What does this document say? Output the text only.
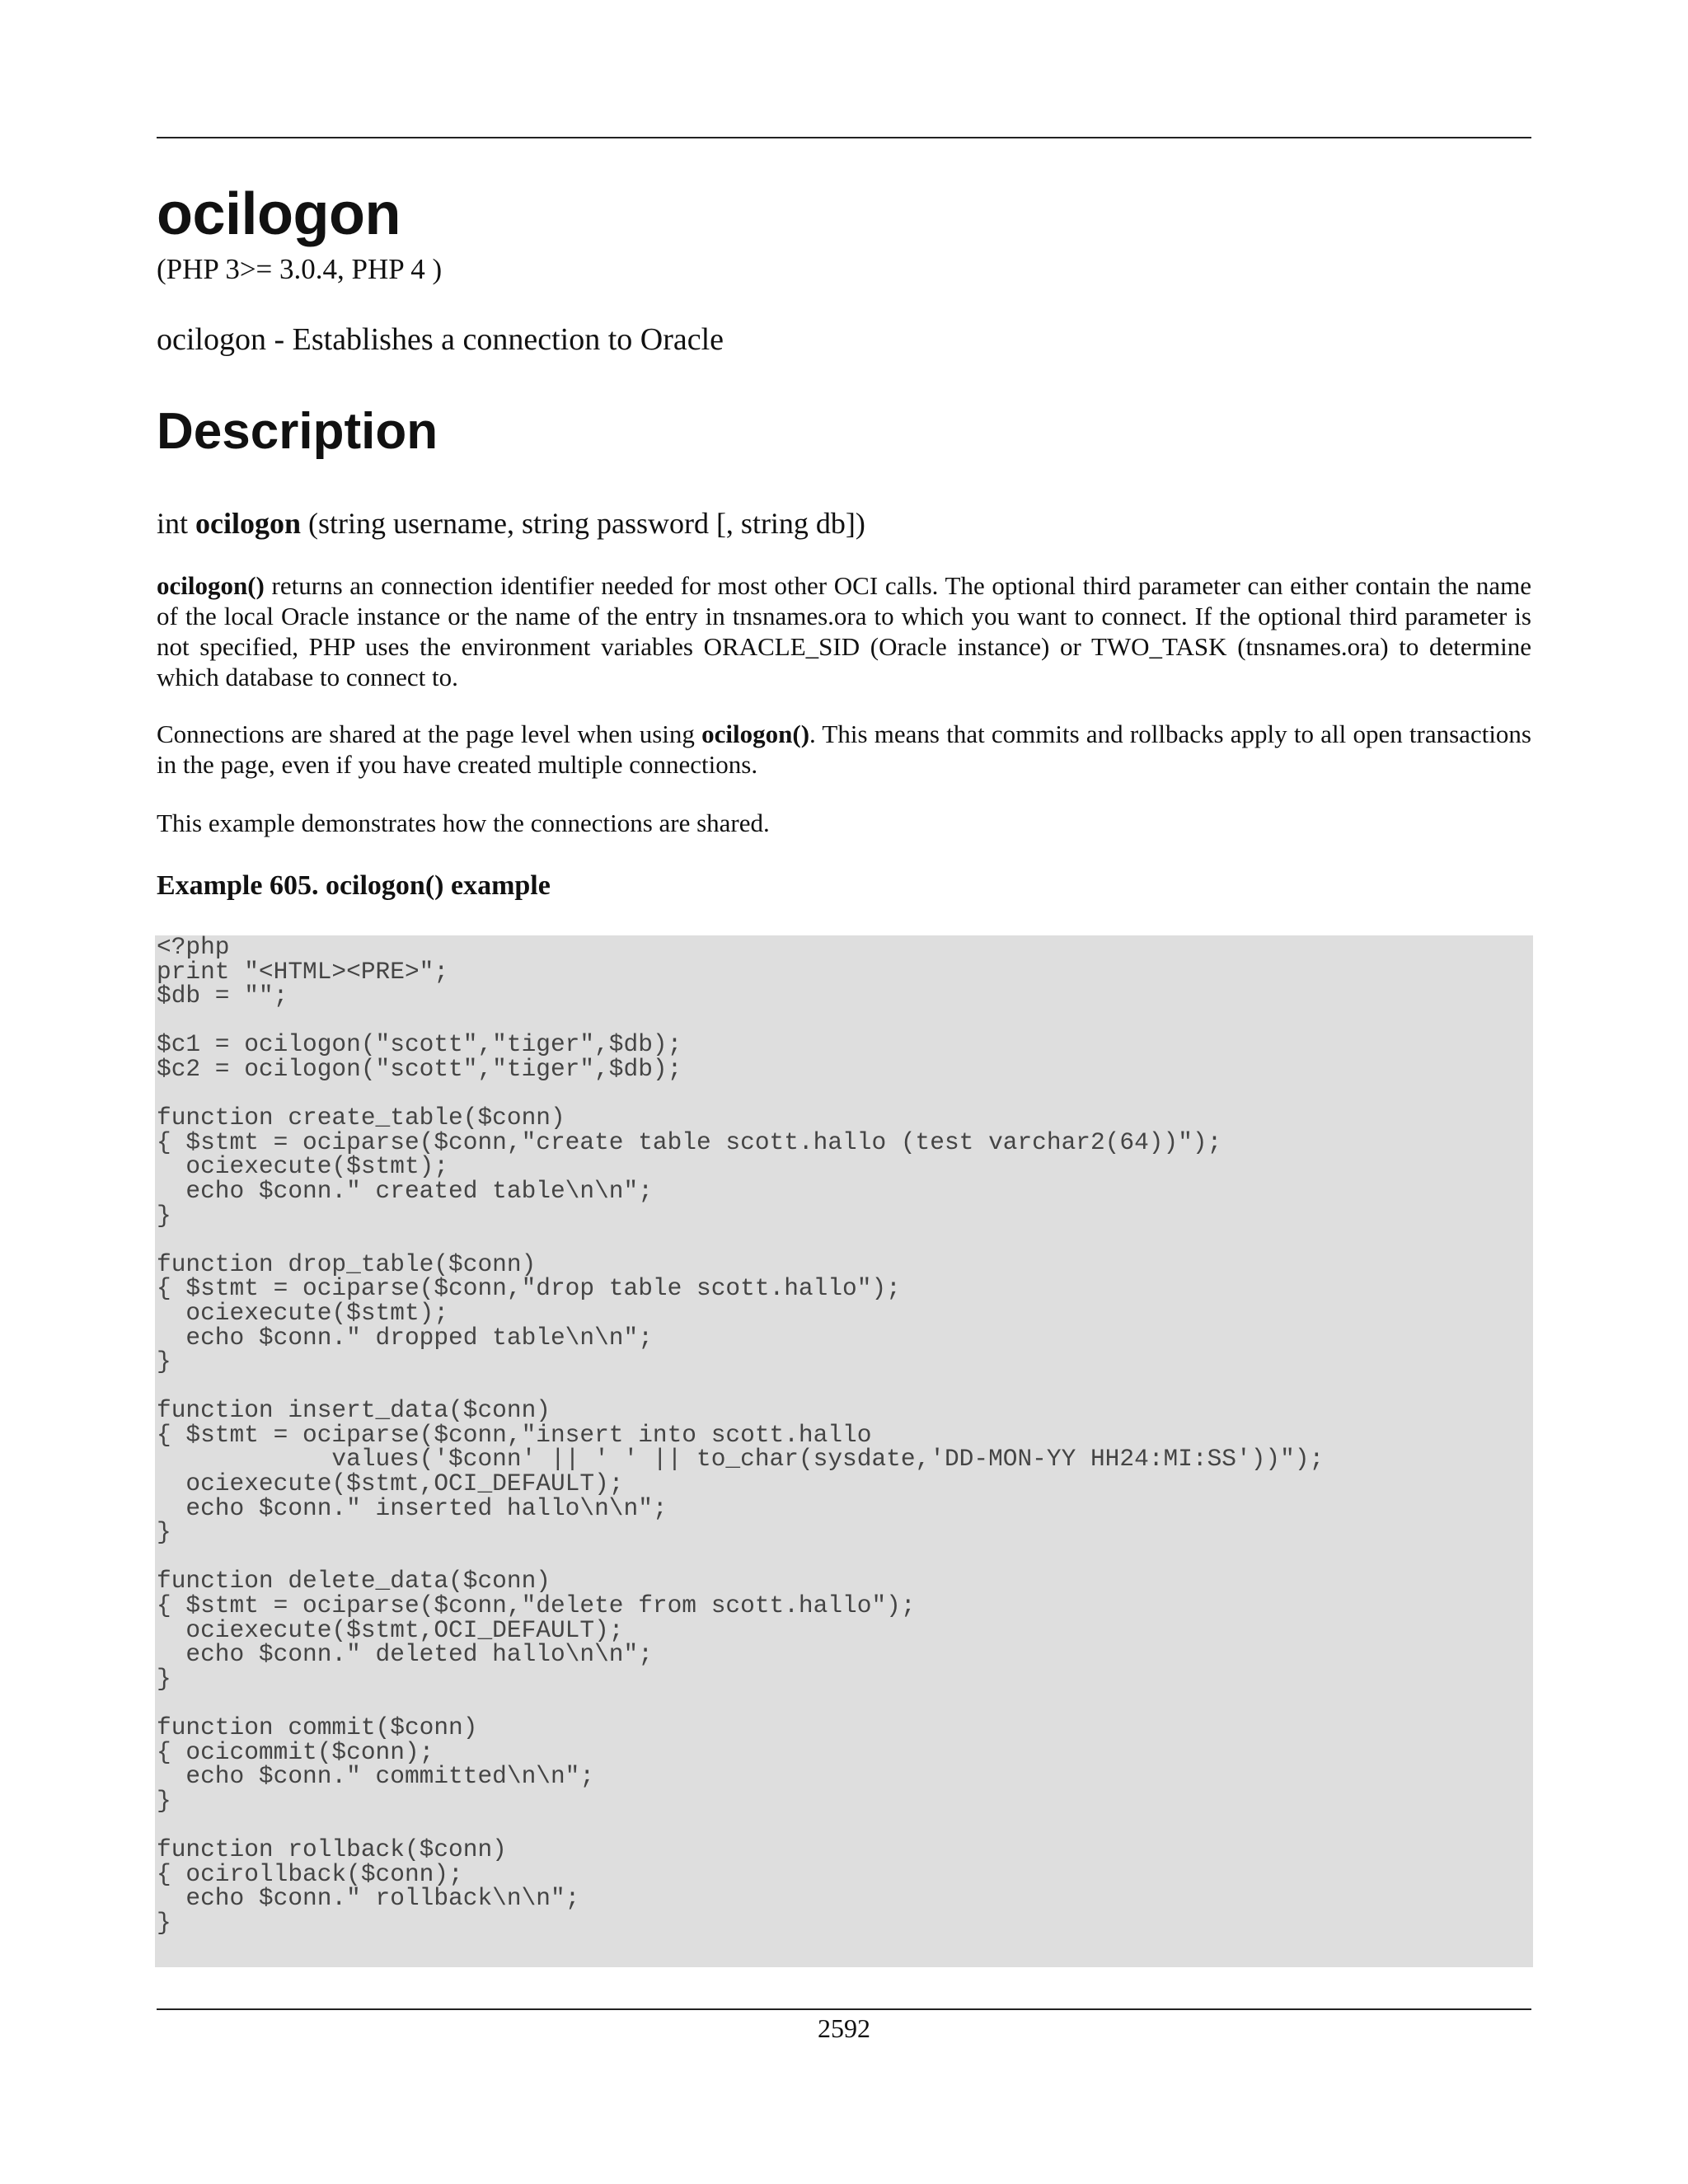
ocilogon
(PHP 3>= 3.0.4, PHP 4 )
ocilogon - Establishes a connection to Oracle
Description
int ocilogon (string username, string password [, string db])

ocilogon() returns an connection identifier needed for most other OCI calls. The optional third parameter can either contain the name of the local Oracle instance or the name of the entry in tnsnames.ora to which you want to connect. If the optional third parameter is not specified, PHP uses the environment variables ORACLE_SID (Oracle instance) or TWO_TASK (tnsnames.ora) to determine which database to connect to.

Connections are shared at the page level when using ocilogon(). This means that commits and rollbacks apply to all open transactions in the page, even if you have created multiple connections.

This example demonstrates how the connections are shared.

Example 605. ocilogon() example
<?php
print "<HTML><PRE>";
$db = "";
$c1 = ocilogon("scott","tiger",$db);
$c2 = ocilogon("scott","tiger",$db);
function create_table($conn)
{ $stmt = ociparse($conn,"create table scott.hallo (test varchar2(64))");
ociexecute($stmt);
echo $conn." created table\n\n";
}
function drop_table($conn)
{ $stmt = ociparse($conn,"drop table scott.hallo");
ociexecute($stmt);
echo $conn." dropped table\n\n";
}
function insert_data($conn)
{ $stmt = ociparse($conn,"insert into scott.hallo
values('$conn' || ' ' || to_char(sysdate,'DD-MON-YY HH24:MI:SS'))");
ociexecute($stmt,OCI_DEFAULT);
echo $conn." inserted hallo\n\n";
}
function delete_data($conn)
{ $stmt = ociparse($conn,"delete from scott.hallo");
ociexecute($stmt,OCI_DEFAULT);
echo $conn." deleted hallo\n\n";
}
function commit($conn)
{ ocicommit($conn);
echo $conn." committed\n\n";
}
function rollback($conn)
{ ocirollback($conn);
echo $conn." rollback\n\n";
}
2592
